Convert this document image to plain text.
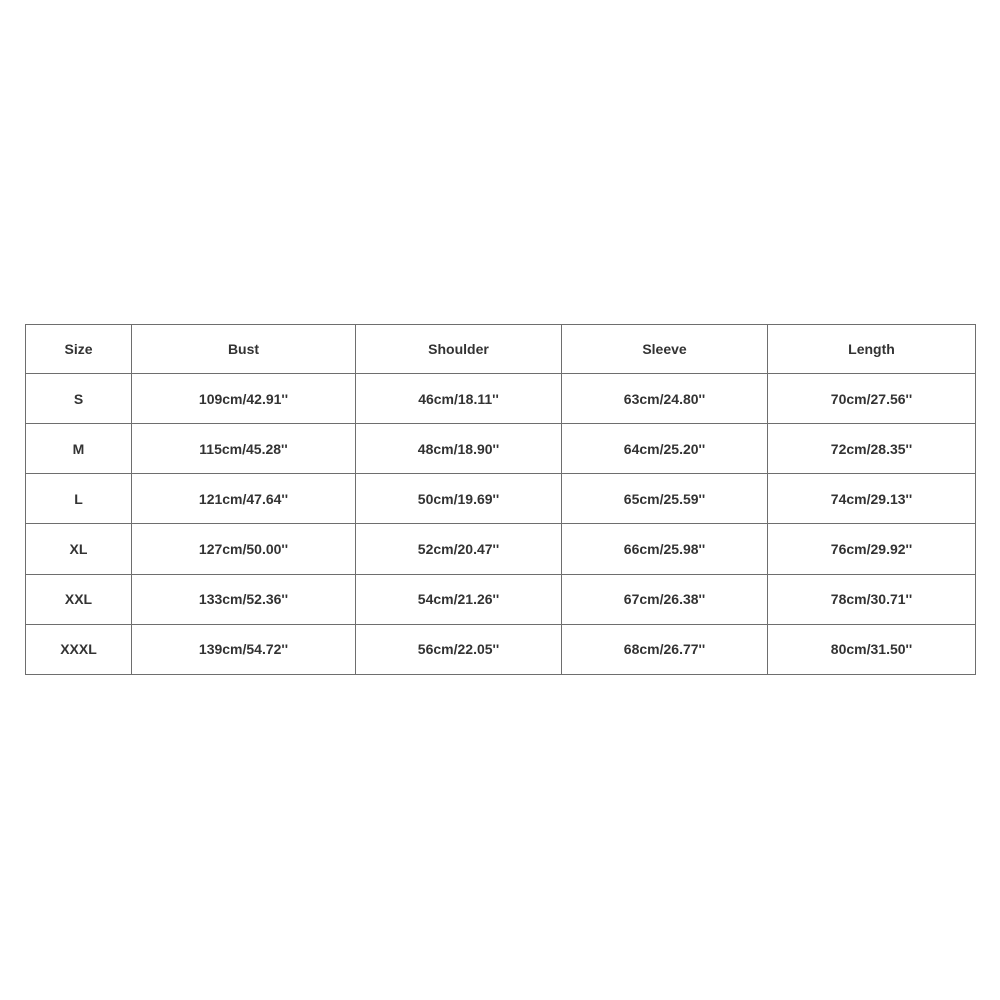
Size	Bust	Shoulder	Sleeve	Length
S	109cm/42.91''	46cm/18.11''	63cm/24.80''	70cm/27.56''
M	115cm/45.28''	48cm/18.90''	64cm/25.20''	72cm/28.35''
L	121cm/47.64''	50cm/19.69''	65cm/25.59''	74cm/29.13''
XL	127cm/50.00''	52cm/20.47''	66cm/25.98''	76cm/29.92''
XXL	133cm/52.36''	54cm/21.26''	67cm/26.38''	78cm/30.71''
XXXL	139cm/54.72''	56cm/22.05''	68cm/26.77''	80cm/31.50''
